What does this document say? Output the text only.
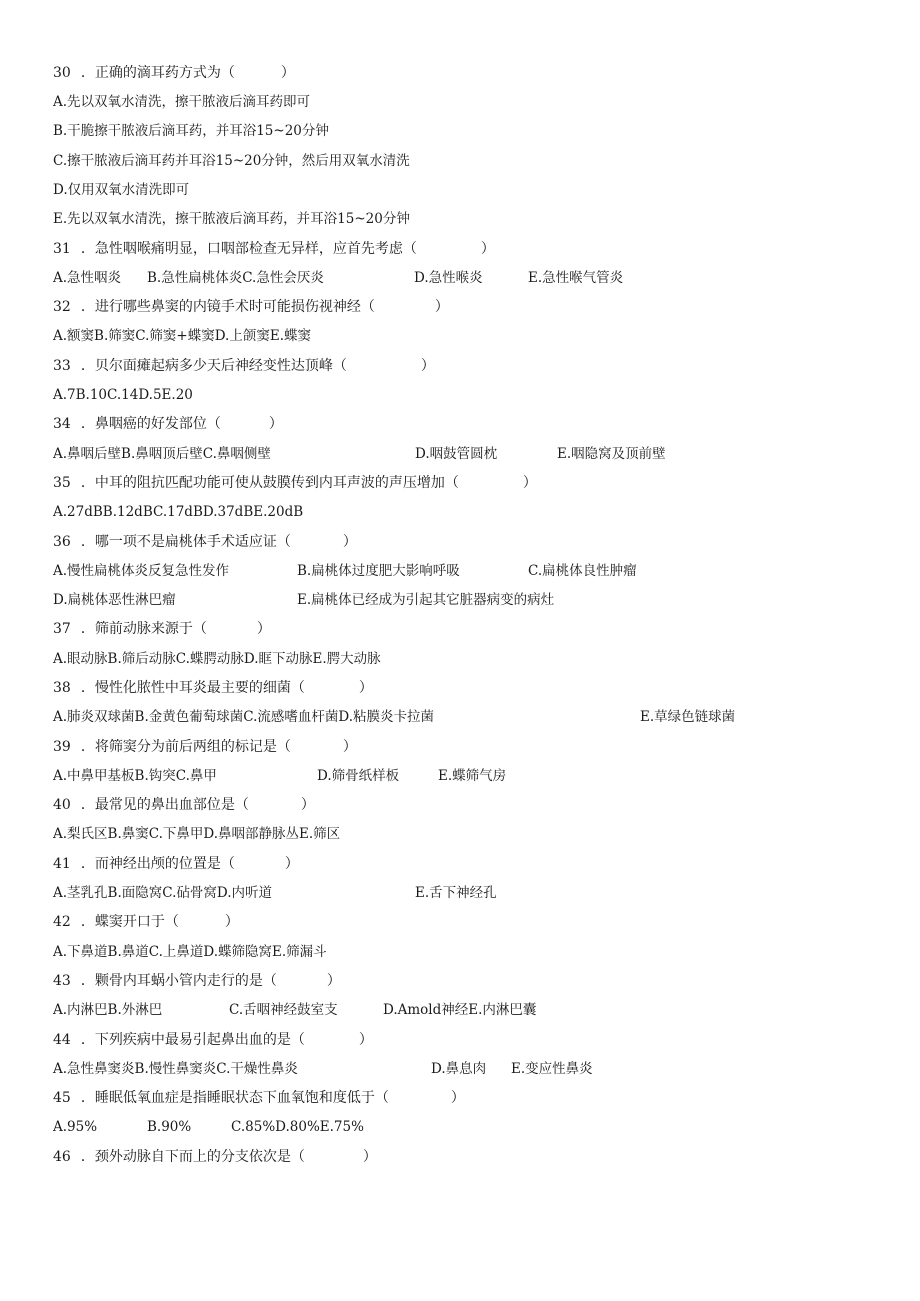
30 ．正确的滴耳药方式为（	）
A.先以双氧水清洗，擦干脓液后滴耳药即可
B.干脆擦干脓液后滴耳药，并耳浴15~20分钟
C.擦干脓液后滴耳药并耳浴15~20分钟，然后用双氧水清洗
D.仅用双氧水清洗即可
E.先以双氧水清洗，擦干脓液后滴耳药，并耳浴15~20分钟
31 ．急性咽喉痛明显，口咽部检查无异样，应首先考虑（	）
A.急性咽炎	B.急性扁桃体炎C.急性会厌炎	D.急性喉炎	E.急性喉气管炎
32 ．进行哪些鼻窦的内镜手术时可能损伤视神经（	）
A.额窦B.筛窦C.筛窦+蝶窦D.上颌窦E.蝶窦
33 ．贝尔面瘫起病多少天后神经变性达顶峰（	）
A.7B.10C.14D.5E.20
34 ．鼻咽癌的好发部位（	）
A.鼻咽后壁B.鼻咽顶后壁C.鼻咽侧壁	D.咽鼓管圆枕	E.咽隐窝及顶前壁
35 ．中耳的阻抗匹配功能可使从鼓膜传到内耳声波的声压增加（	）
A.27dBB.12dBC.17dBD.37dBE.20dB
36 ．哪一项不是扁桃体手术适应证（	）
A.慢性扁桃体炎反复急性发作	B.扁桃体过度肥大影响呼吸	C.扁桃体良性肿瘤
D.扁桃体恶性淋巴瘤	E.扁桃体已经成为引起其它脏器病变的病灶
37 ．筛前动脉来源于（	）
A.眼动脉B.筛后动脉C.蝶腭动脉D.眶下动脉E.腭大动脉
38 ．慢性化脓性中耳炎最主要的细菌（	）
A.肺炎双球菌B.金黄色葡萄球菌C.流感嗜血杆菌D.粘膜炎卡拉菌	E.草绿色链球菌
39 ．将筛窦分为前后两组的标记是（	）
A.中鼻甲基板B.钩突C.鼻甲	D.筛骨纸样板	E.蝶筛气房
40 ．最常见的鼻出血部位是（	）
A.梨氏区B.鼻窦C.下鼻甲D.鼻咽部静脉丛E.筛区
41 ．而神经出颅的位置是（	）
A.茎乳孔B.面隐窝C.砧骨窝D.内听道	E.舌下神经孔
42 ．蝶窦开口于（	）
A.下鼻道B.鼻道C.上鼻道D.蝶筛隐窝E.筛漏斗
43 ．颗骨内耳蜗小管内走行的是（	）
A.内淋巴B.外淋巴	C.舌咽神经鼓室支	D.Amold神经E.内淋巴囊
44 ．下列疾病中最易引起鼻出血的是（	）
A.急性鼻窦炎B.慢性鼻窦炎C.干燥性鼻炎	D.鼻息肉	E.变应性鼻炎
45 ．睡眠低氧血症是指睡眠状态下血氧饱和度低于（	）
A.95%	B.90%	C.85%D.80%E.75%
46 ．颈外动脉自下而上的分支依次是（	）
